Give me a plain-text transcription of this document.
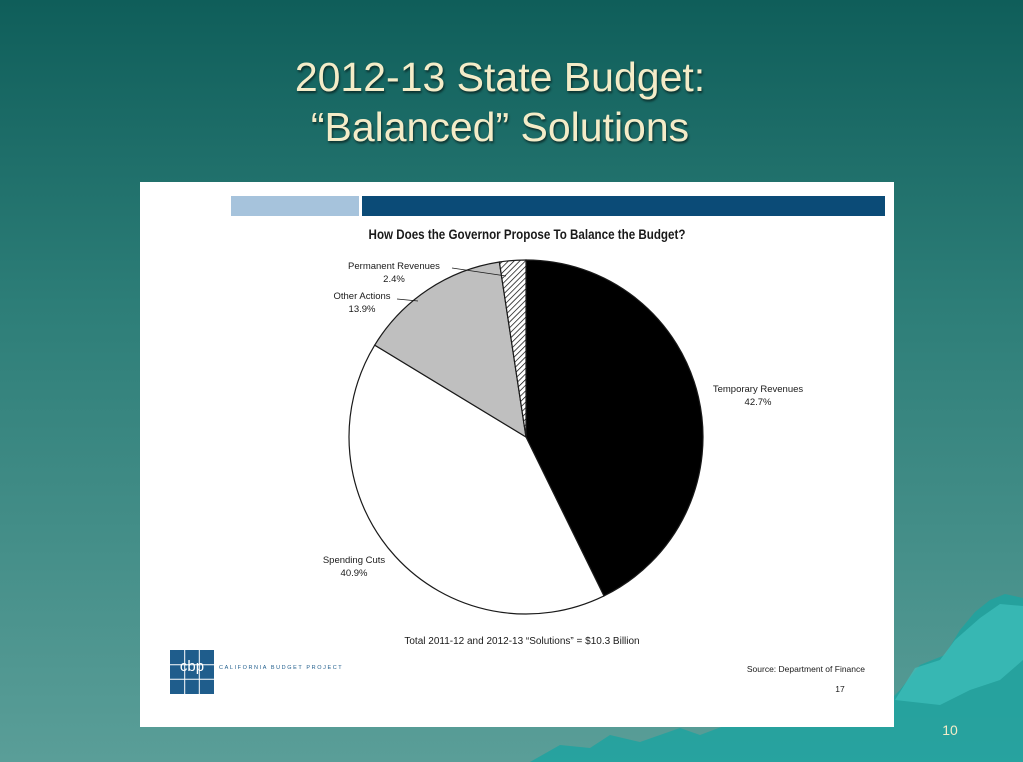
2012-13 State Budget:
“Balanced” Solutions
How Does the Governor Propose To Balance the Budget?
Temporary Revenues
42.7%
Spending Cuts
40.9%
Other Actions
13.9%
Permanent Revenues
2.4%
Total 2011-12 and 2012-13 “Solutions” = $10.3 Billion
cbp	CALIFORNIA BUDGET PROJECT	Source: Department of Finance
17
10
